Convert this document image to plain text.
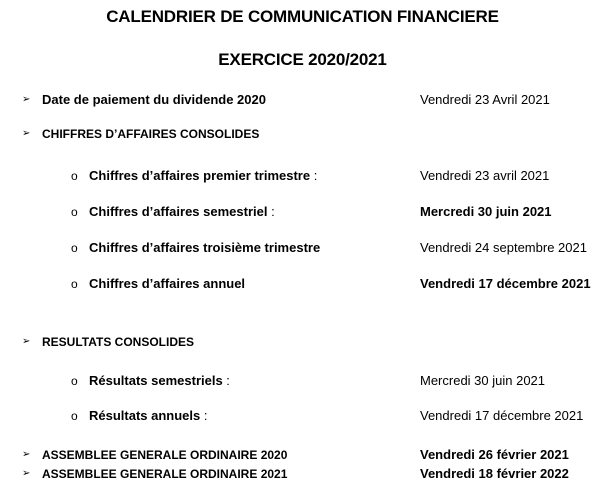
CALENDRIER DE COMMUNICATION FINANCIERE
EXERCICE 2020/2021
➢ Date de paiement du dividende 2020	Vendredi 23 Avril 2021
➢ CHIFFRES D’AFFAIRES CONSOLIDES
o Chiffres d’affaires premier trimestre :	Vendredi 23 avril 2021
o Chiffres d’affaires semestriel :	Mercredi 30 juin 2021
o Chiffres d’affaires troisième trimestre	Vendredi 24 septembre 2021
o Chiffres d’affaires annuel	Vendredi 17 décembre 2021
➢ RESULTATS CONSOLIDES
o Résultats semestriels :	Mercredi 30 juin 2021
o Résultats annuels :	Vendredi 17 décembre 2021
➢ ASSEMBLEE GENERALE ORDINAIRE 2020	Vendredi 26 février 2021
➢ ASSEMBLEE GENERALE ORDINAIRE 2021	Vendredi 18 février 2022
